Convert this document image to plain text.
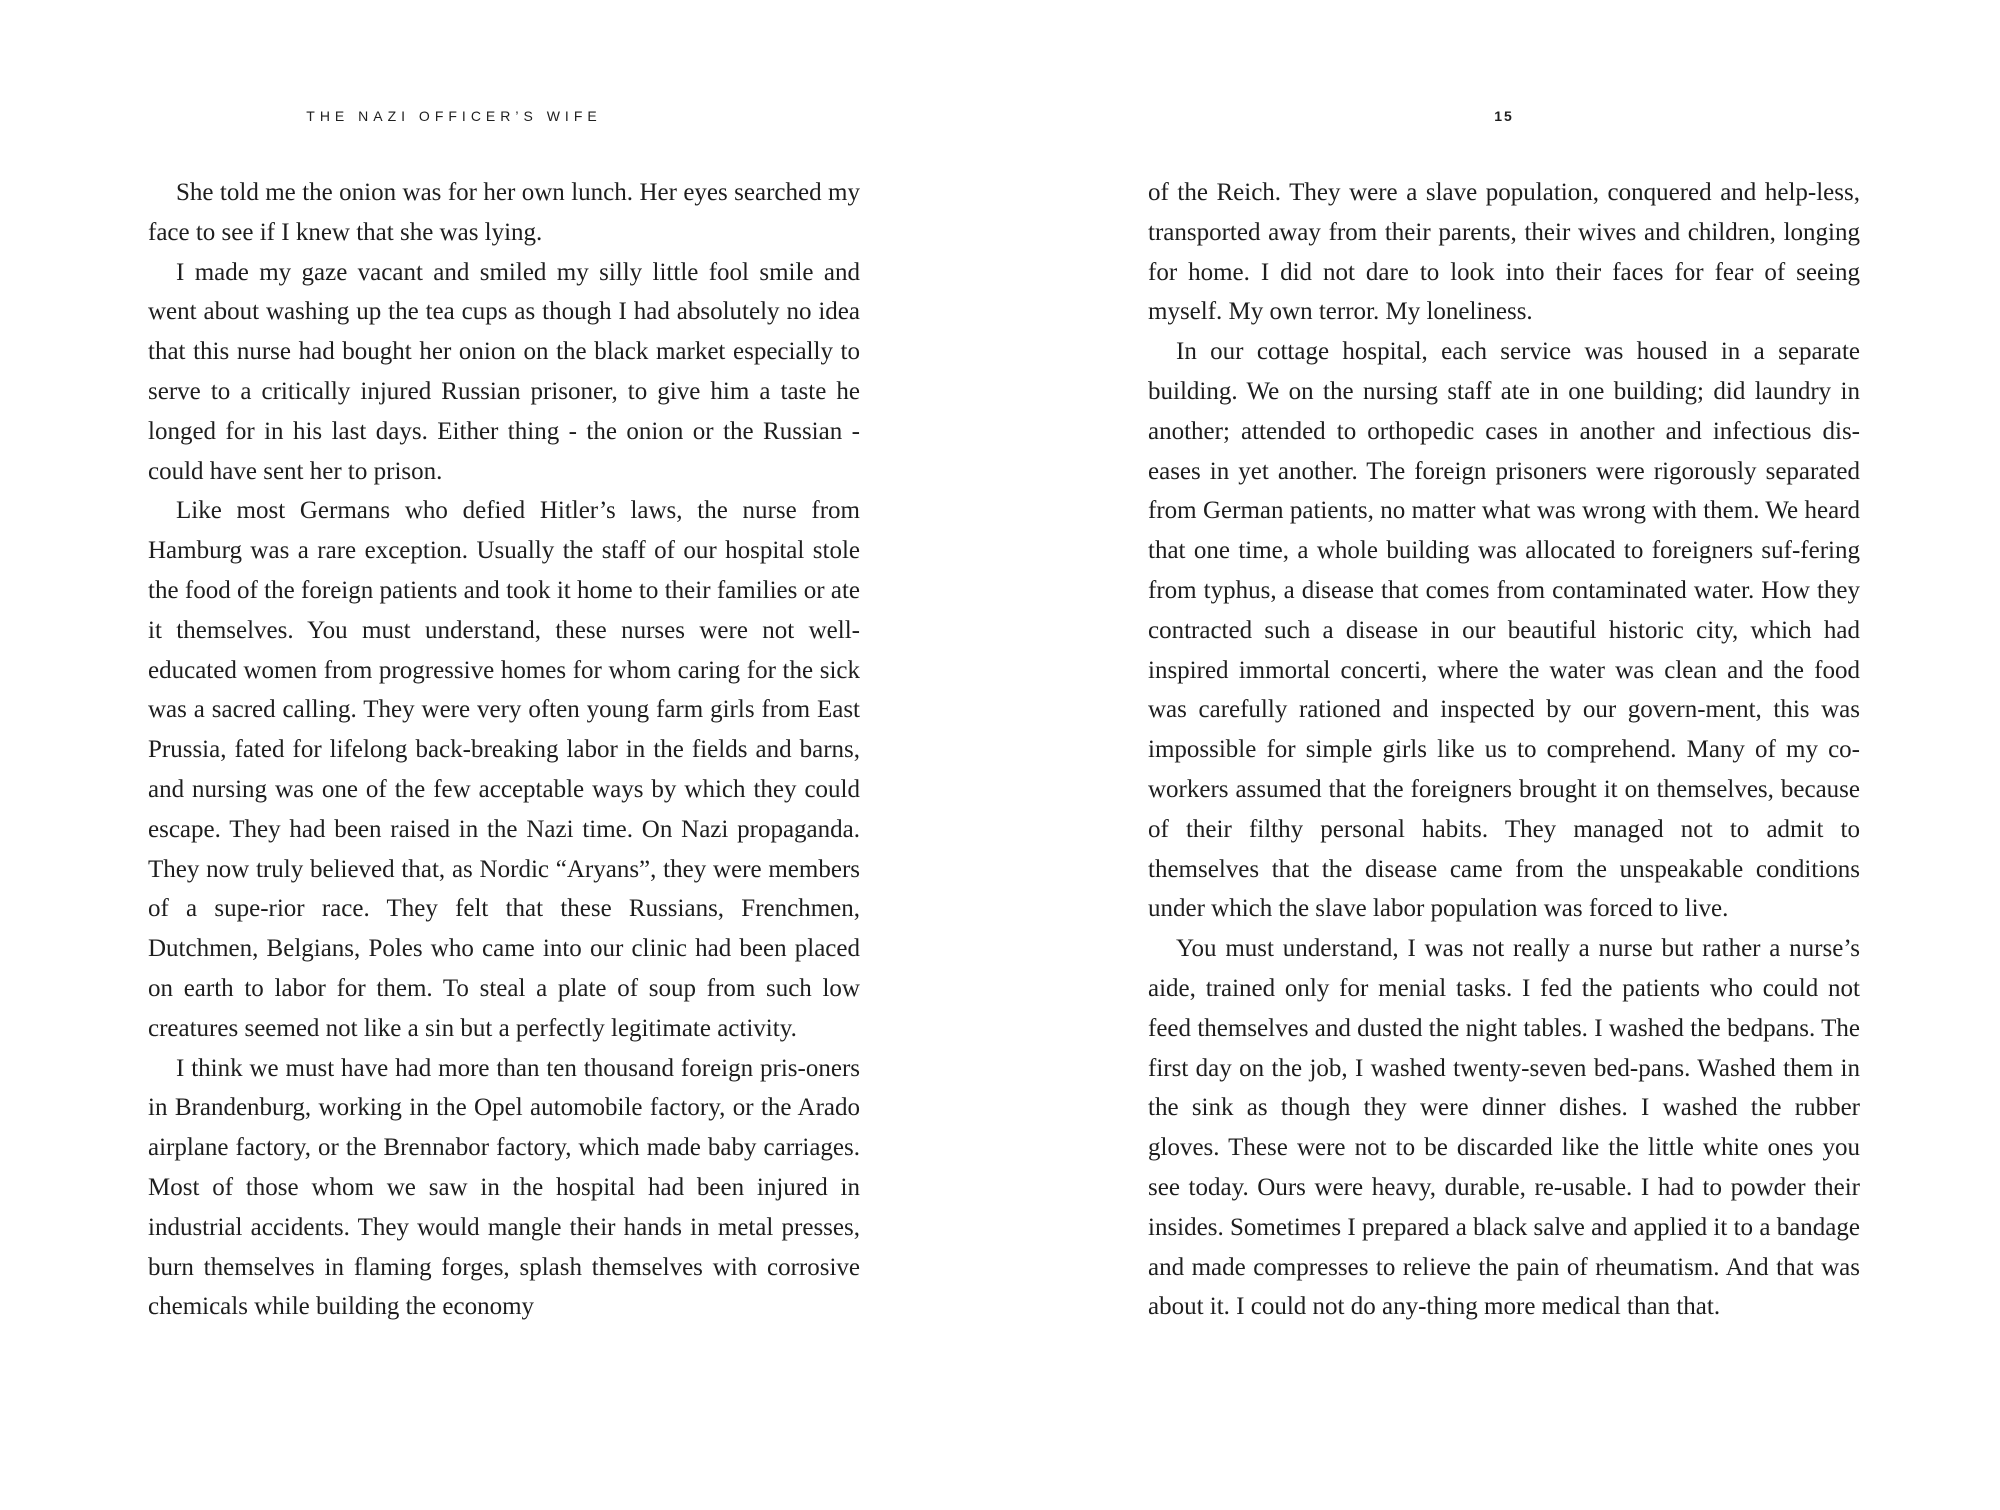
THE NAZI OFFICER’S WIFE

She told me the onion was for her own lunch. Her eyes searched my face to see if I knew that she was lying.

I made my gaze vacant and smiled my silly little fool smile and went about washing up the tea cups as though I had absolutely no idea that this nurse had bought her onion on the black market especially to serve to a critically injured Russian prisoner, to give him a taste he longed for in his last days. Either thing - the onion or the Russian - could have sent her to prison.

Like most Germans who defied Hitler’s laws, the nurse from Hamburg was a rare exception. Usually the staff of our hospital stole the food of the foreign patients and took it home to their families or ate it themselves. You must understand, these nurses were not well-educated women from progressive homes for whom caring for the sick was a sacred calling. They were very often young farm girls from East Prussia, fated for lifelong back-breaking labor in the fields and barns, and nursing was one of the few acceptable ways by which they could escape. They had been raised in the Nazi time. On Nazi propaganda. They now truly believed that, as Nordic “Aryans”, they were members of a supe-rior race. They felt that these Russians, Frenchmen, Dutchmen, Belgians, Poles who came into our clinic had been placed on earth to labor for them. To steal a plate of soup from such low creatures seemed not like a sin but a perfectly legitimate activity.

I think we must have had more than ten thousand foreign pris-oners in Brandenburg, working in the Opel automobile factory, or the Arado airplane factory, or the Brennabor factory, which made baby carriages. Most of those whom we saw in the hospital had been injured in industrial accidents. They would mangle their hands in metal presses, burn themselves in flaming forges, splash themselves with corrosive chemicals while building the economy

15

of the Reich. They were a slave population, conquered and help-less, transported away from their parents, their wives and children, longing for home. I did not dare to look into their faces for fear of seeing myself. My own terror. My loneliness.

In our cottage hospital, each service was housed in a separate building. We on the nursing staff ate in one building; did laundry in another; attended to orthopedic cases in another and infectious dis-eases in yet another. The foreign prisoners were rigorously separated from German patients, no matter what was wrong with them. We heard that one time, a whole building was allocated to foreigners suf-fering from typhus, a disease that comes from contaminated water. How they contracted such a disease in our beautiful historic city, which had inspired immortal concerti, where the water was clean and the food was carefully rationed and inspected by our govern-ment, this was impossible for simple girls like us to comprehend. Many of my co-workers assumed that the foreigners brought it on themselves, because of their filthy personal habits. They managed not to admit to themselves that the disease came from the unspeakable conditions under which the slave labor population was forced to live.

You must understand, I was not really a nurse but rather a nurse’s aide, trained only for menial tasks. I fed the patients who could not feed themselves and dusted the night tables. I washed the bedpans. The first day on the job, I washed twenty-seven bed-pans. Washed them in the sink as though they were dinner dishes. I washed the rubber gloves. These were not to be discarded like the little white ones you see today. Ours were heavy, durable, re-usable. I had to powder their insides. Sometimes I prepared a black salve and applied it to a bandage and made compresses to relieve the pain of rheumatism. And that was about it. I could not do any-thing more medical than that.
